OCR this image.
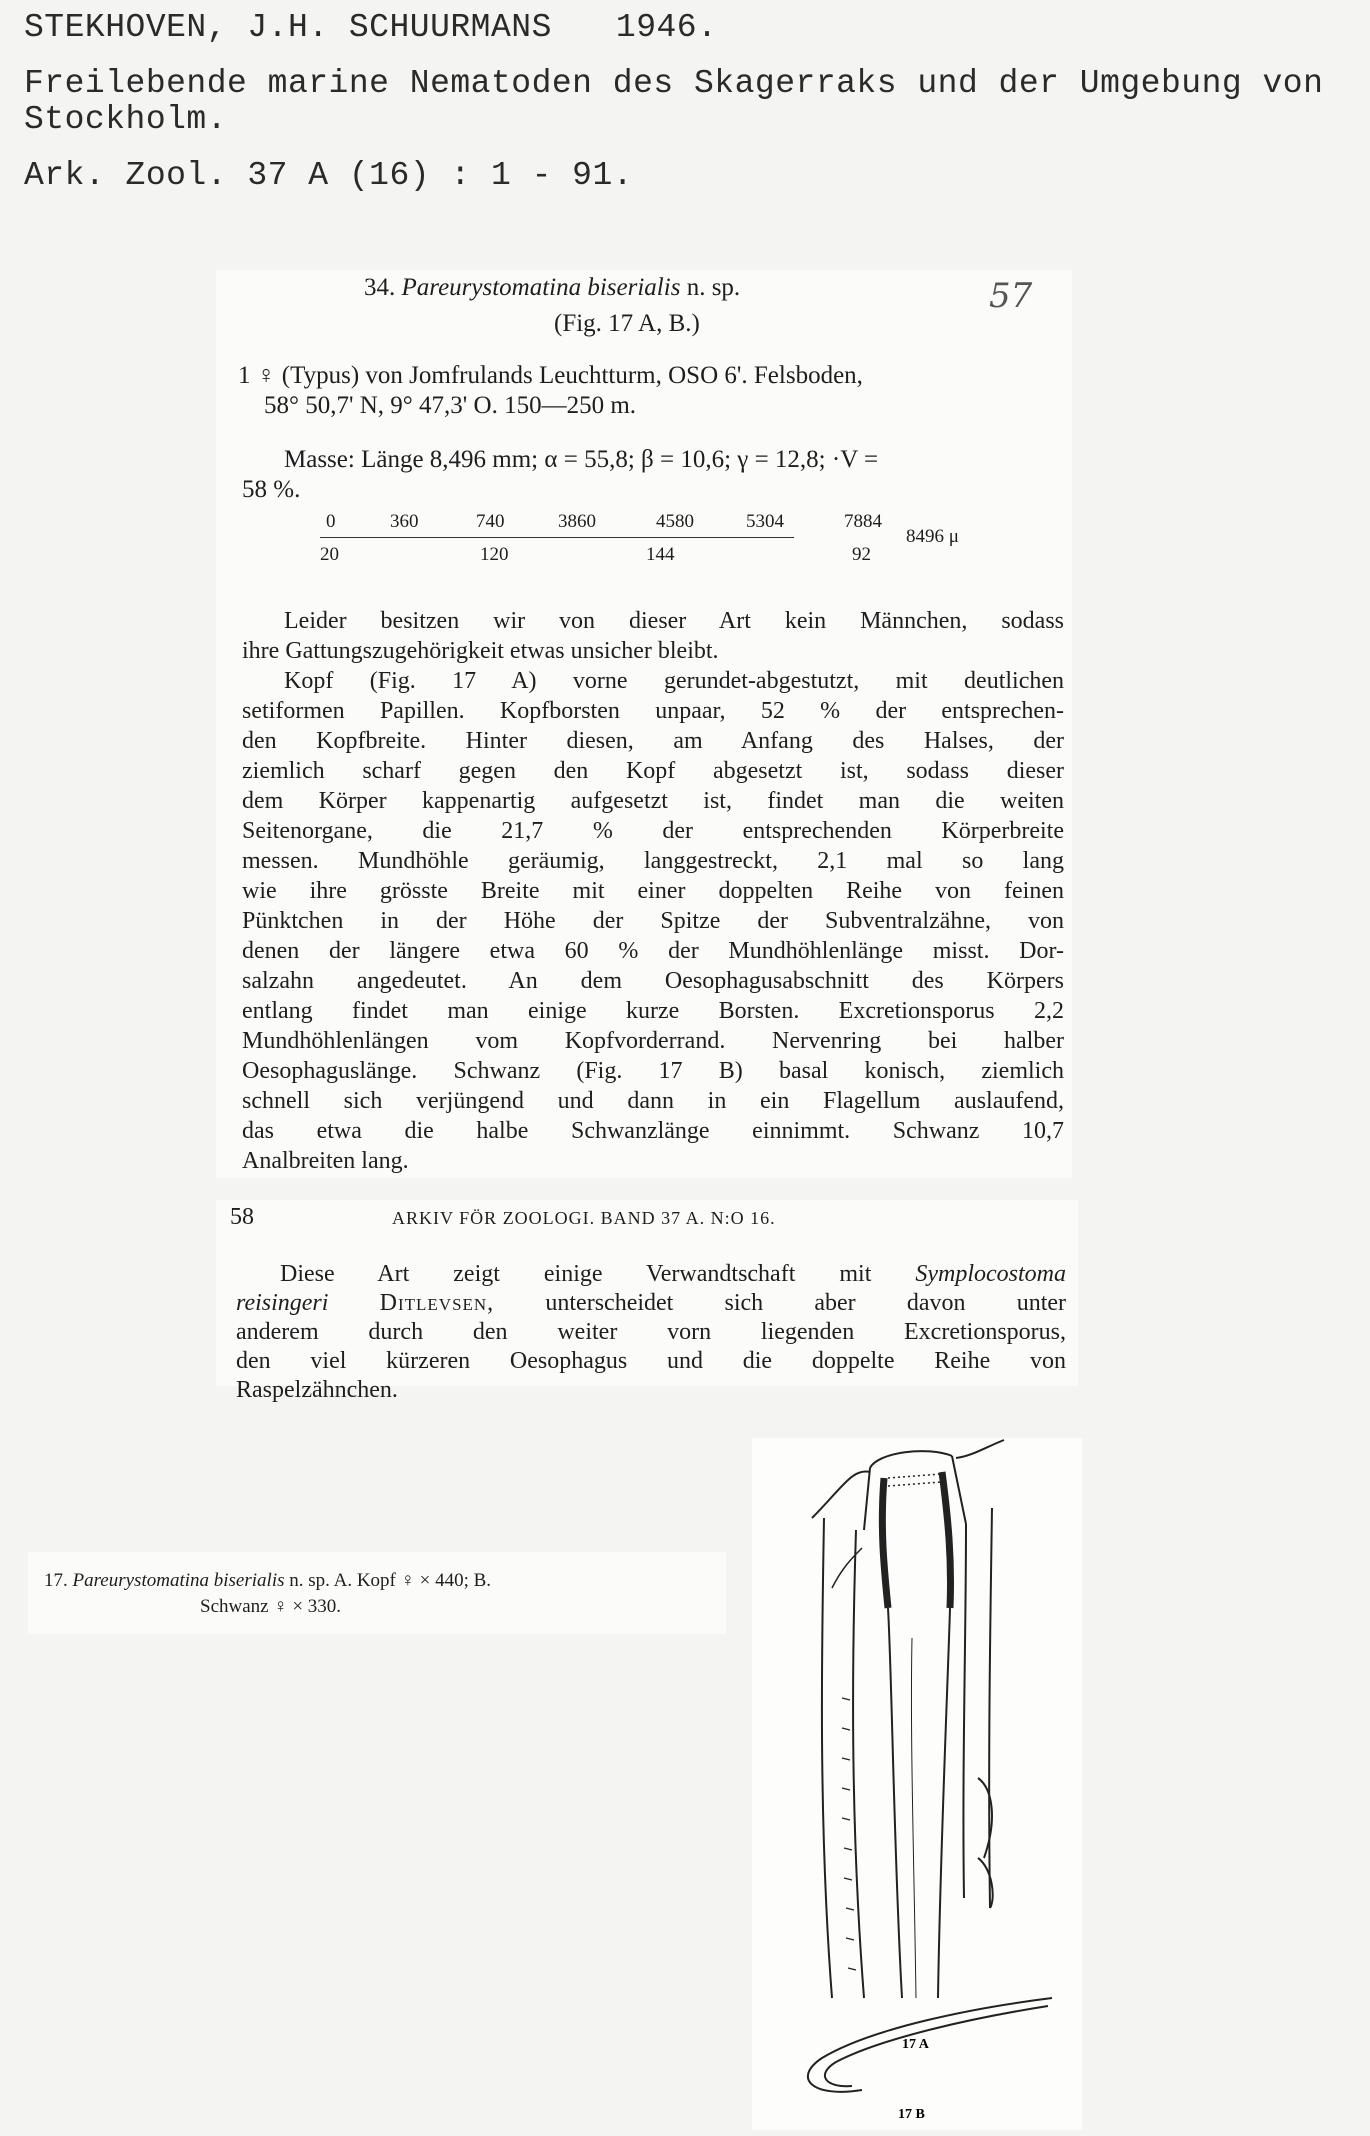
STEKHOVEN, J.H. SCHUURMANS 1946.
Freilebende marine Nematoden des Skagerraks und der Umgebung von
Stockholm.
Ark. Zool. 37 A (16) : 1 - 91.
34. Pareurystomatina biserialis n. sp.	57
(Fig. 17 A, B.)
1 ♀ (Typus) von Jomfrulands Leuchtturm, OSO 6'. Felsboden,
58° 50,7' N, 9° 47,3' O. 150—250 m.
Masse: Länge 8,496 mm; α = 55,8; β = 10,6; γ = 12,8; ·V =
58 %.
0	360	740	3860	4580	5304	7884
20	120	144	92
8496 μ
Leider besitzen wir von dieser Art kein Männchen, sodass
ihre Gattungszugehörigkeit etwas unsicher bleibt.
Kopf (Fig. 17 A) vorne gerundet-abgestutzt, mit deutlichen
setiformen Papillen. Kopfborsten unpaar, 52 % der entsprechen-
den Kopfbreite. Hinter diesen, am Anfang des Halses, der
ziemlich scharf gegen den Kopf abgesetzt ist, sodass dieser
dem Körper kappenartig aufgesetzt ist, findet man die weiten
Seitenorgane, die 21,7 % der entsprechenden Körperbreite
messen. Mundhöhle geräumig, langgestreckt, 2,1 mal so lang
wie ihre grösste Breite mit einer doppelten Reihe von feinen
Pünktchen in der Höhe der Spitze der Subventralzähne, von
denen der längere etwa 60 % der Mundhöhlenlänge misst. Dor-
salzahn angedeutet. An dem Oesophagusabschnitt des Körpers
entlang findet man einige kurze Borsten. Excretionsporus 2,2
Mundhöhlenlängen vom Kopfvorderrand. Nervenring bei halber
Oesophaguslänge. Schwanz (Fig. 17 B) basal konisch, ziemlich
schnell sich verjüngend und dann in ein Flagellum auslaufend,
das etwa die halbe Schwanzlänge einnimmt. Schwanz 10,7
Analbreiten lang.
58	ARKIV FÖR ZOOLOGI. BAND 37 A. N:O 16.
Diese Art zeigt einige Verwandtschaft mit Symplocostoma
reisingeri Ditlevsen, unterscheidet sich aber davon unter
anderem durch den weiter vorn liegenden Excretionsporus,
den viel kürzeren Oesophagus und die doppelte Reihe von
Raspelzähnchen.
17. Pareurystomatina biserialis n. sp. A. Kopf ♀ × 440; B.
Schwanz ♀ × 330.
17 A
17 B
